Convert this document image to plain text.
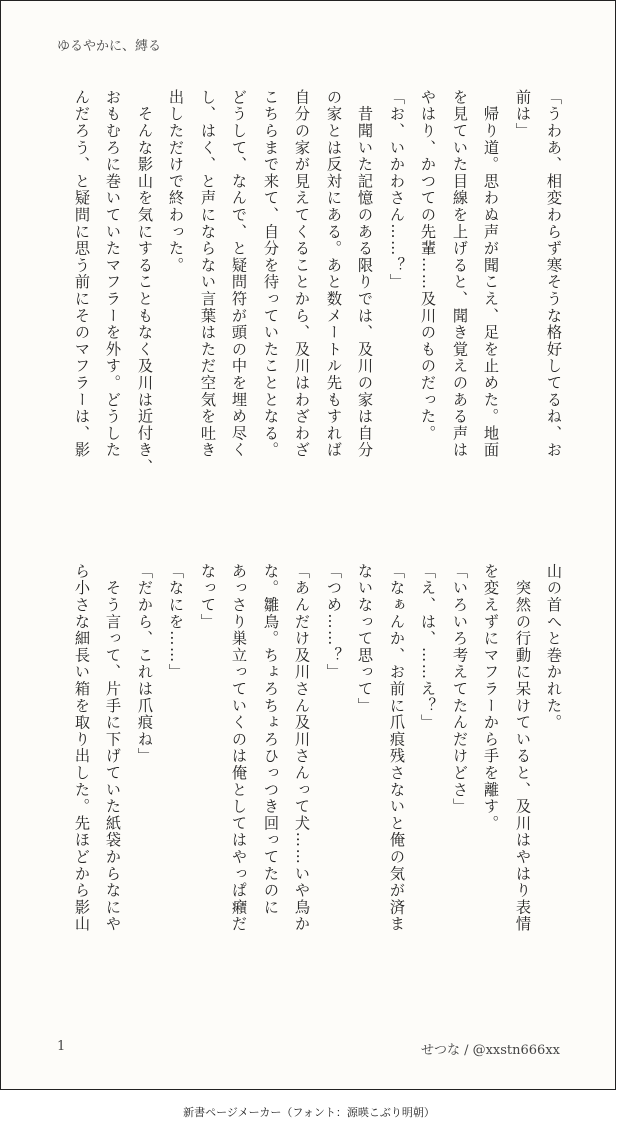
ゆるやかに、縛る

「うわあ、相変わらず寒そうな格好してるね、お

前は」

　帰り道。思わぬ声が聞こえ、足を止めた。地面

を見ていた目線を上げると、聞き覚えのある声は

やはり、かつての先輩……及川のものだった。

「お、いかわさん……？」

　昔聞いた記憶のある限りでは、及川の家は自分

の家とは反対にある。あと数メートル先もすれば

自分の家が見えてくることから、及川はわざわざ

こちらまで来て、自分を待っていたこととなる。

どうして、なんで、と疑問符が頭の中を埋め尽く

し、はく、と声にならない言葉はただ空気を吐き

出しただけで終わった。

　そんな影山を気にすることもなく及川は近付き、

おもむろに巻いていたマフラーを外す。どうした

んだろう、と疑問に思う前にそのマフラーは、影

山の首へと巻かれた。

　突然の行動に呆けていると、及川はやはり表情

を変えずにマフラーから手を離す。

「いろいろ考えてたんだけどさ」

「え、は、……え？」

「なぁんか、お前に爪痕残さないと俺の気が済ま

ないなって思って」

「つめ……？」

「あんだけ及川さん及川さんって犬……いや鳥か

な。雛鳥。ちょろちょろひっつき回ってたのに

あっさり巣立っていくのは俺としてはやっぱ癪だ

なって」

「なにを……」

「だから、これは爪痕ね」

　そう言って、片手に下げていた紙袋からなにや

ら小さな細長い箱を取り出した。先ほどから影山

1	せつな / @xxstn666xx
新書ページメーカー（フォント：源暎こぶり明朝）
